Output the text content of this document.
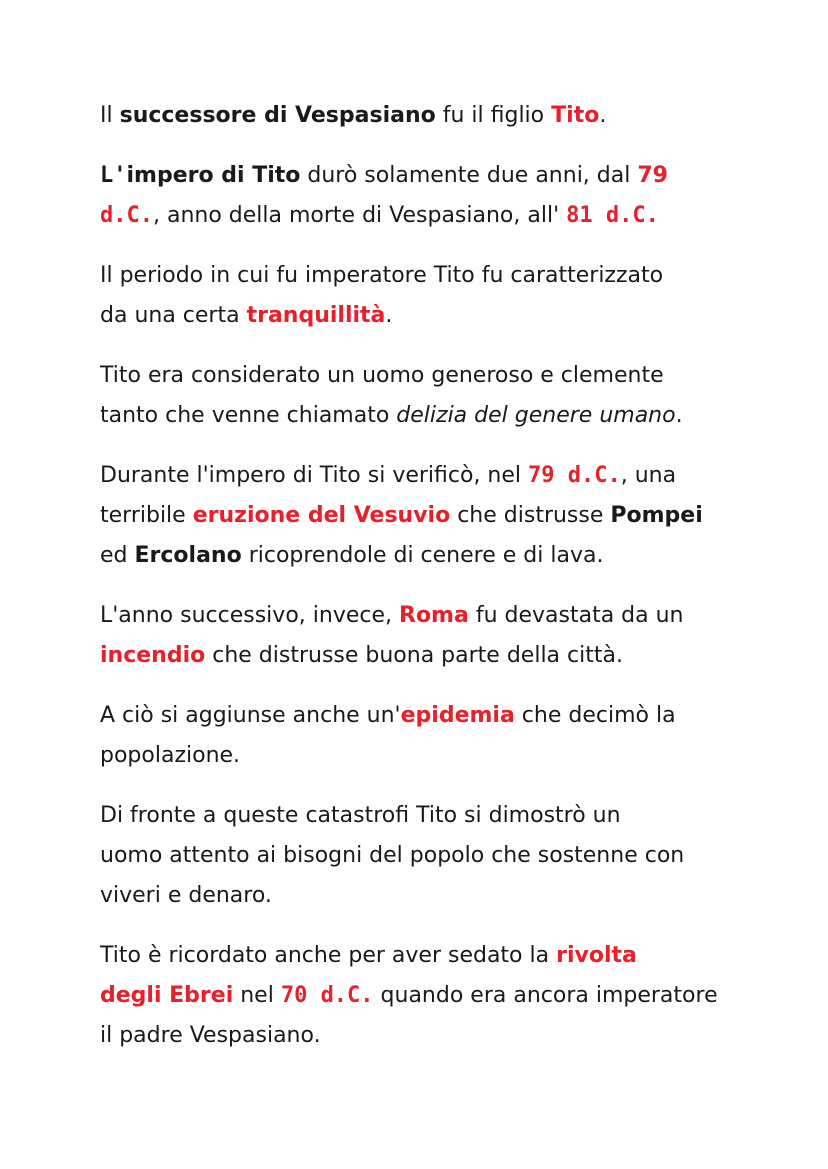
Il successore di Vespasiano fu il figlio Tito.

L'impero di Tito durò solamente due anni, dal 79
d.C., anno della morte di Vespasiano, all' 81 d.C.

Il periodo in cui fu imperatore Tito fu caratterizzato
da una certa tranquillità.

Tito era considerato un uomo generoso e clemente
tanto che venne chiamato delizia del genere umano.

Durante l'impero di Tito si verificò, nel 79 d.C., una
terribile eruzione del Vesuvio che distrusse Pompei
ed Ercolano ricoprendole di cenere e di lava.

L'anno successivo, invece, Roma fu devastata da un
incendio che distrusse buona parte della città.

A ciò si aggiunse anche un'epidemia che decimò la
popolazione.

Di fronte a queste catastrofi Tito si dimostrò un
uomo attento ai bisogni del popolo che sostenne con
viveri e denaro.

Tito è ricordato anche per aver sedato la rivolta
degli Ebrei nel 70 d.C. quando era ancora imperatore
il padre Vespasiano.
